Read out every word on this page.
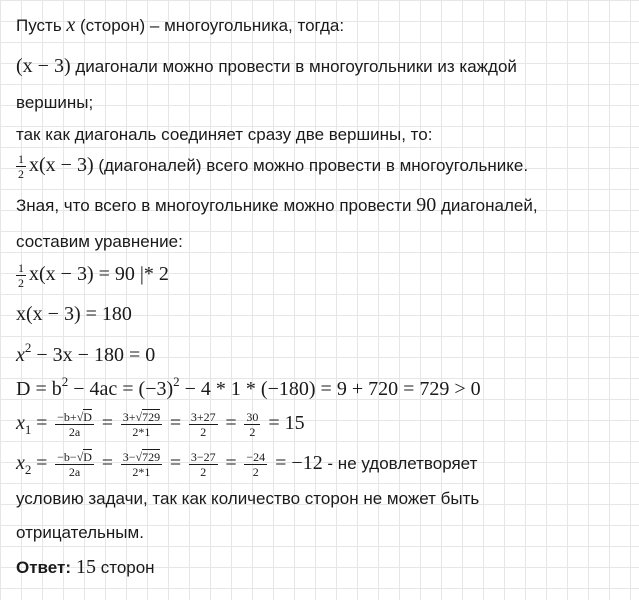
Пусть x (сторон) – многоугольника, тогда:
(x − 3) диагонали можно провести в многоугольники из каждой
вершины;
так как диагональ соединяет сразу две вершины, то:
$\frac{1}{2} x(x - 3)$ (диагоналей) всего можно провести в многоугольнике.
Зная, что всего в многоугольнике можно провести 90 диагоналей,
составим уравнение:
$\frac{1}{2} x(x - 3) = 90$ |* 2
x(x − 3) = 180
$x^2 - 3x - 180 = 0$
$D = b^2 - 4ac = (-3)^2 - 4 * 1 * (-180) = 9 + 720 = 729 > 0$
$x_1 = \frac{-b+√D}{2a} = \frac{3+√729}{2*1} = \frac{3+27}{2} = \frac{30}{2} = 15$
$x_2 = \frac{-b-√D}{2a} = \frac{3-√729}{2*1} = \frac{3-27}{2} = \frac{-24}{2} = -12$ - не удовлетворяет
условию задачи, так как количество сторон не может быть
отрицательным.
Ответ: 15 сторон
